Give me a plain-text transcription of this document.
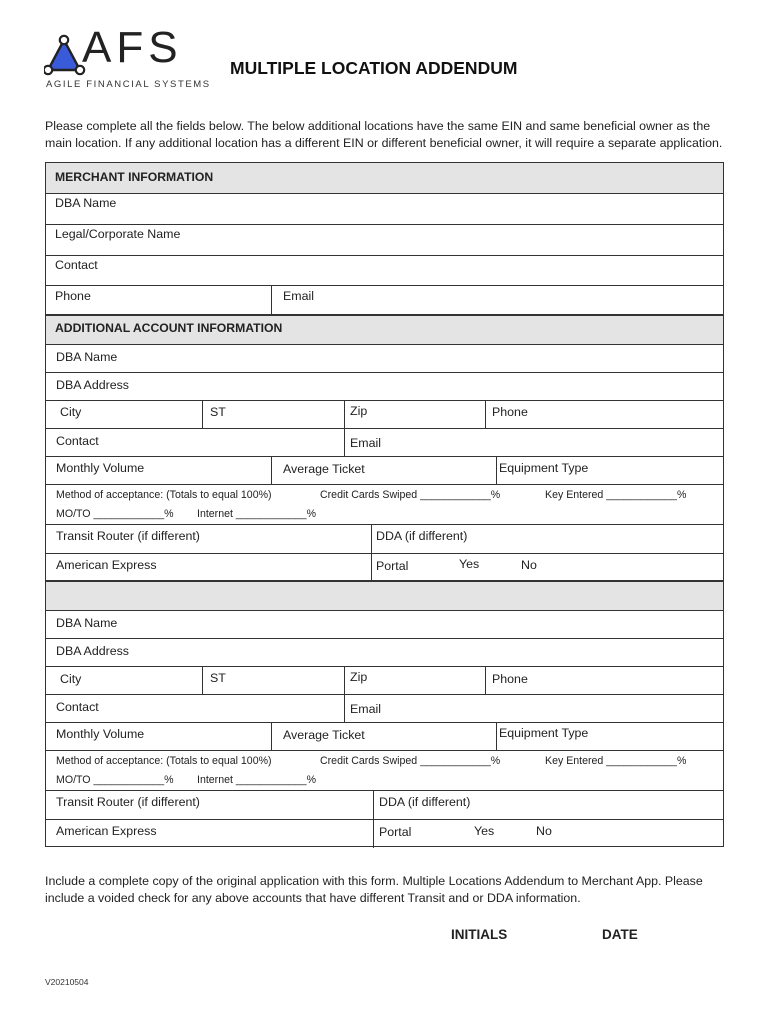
AFS
AGILE FINANCIAL SYSTEMS
MULTIPLE LOCATION ADDENDUM
Please complete all the fields below. The below additional locations have the same EIN and same beneficial owner as the main location. If any additional location has a different EIN or different beneficial owner, it will require a separate application.
MERCHANT INFORMATION
DBA Name
Legal/Corporate Name
Contact
Phone	Email
ADDITIONAL ACCOUNT INFORMATION
DBA Name
DBA Address
City	ST	Zip	Phone
Contact	Email
Monthly Volume	Average Ticket	Equipment Type
Method of acceptance: (Totals to equal 100%)	Credit Cards Swiped ____________%	Key Entered ____________%
MO/TO ____________% Internet ____________%
Transit Router (if different)	DDA (if different)
American Express	Portal	Yes	No
DBA Name
DBA Address
City	ST	Zip	Phone
Contact	Email
Monthly Volume	Average Ticket	Equipment Type
Method of acceptance: (Totals to equal 100%)	Credit Cards Swiped ____________%	Key Entered ____________%
MO/TO ____________% Internet ____________%
Transit Router (if different)	DDA (if different)
American Express	Portal	Yes	No
Include a complete copy of the original application with this form. Multiple Locations Addendum to Merchant App. Please include a voided check for any above accounts that have different Transit and or DDA information.
INITIALS	DATE
V20210504
